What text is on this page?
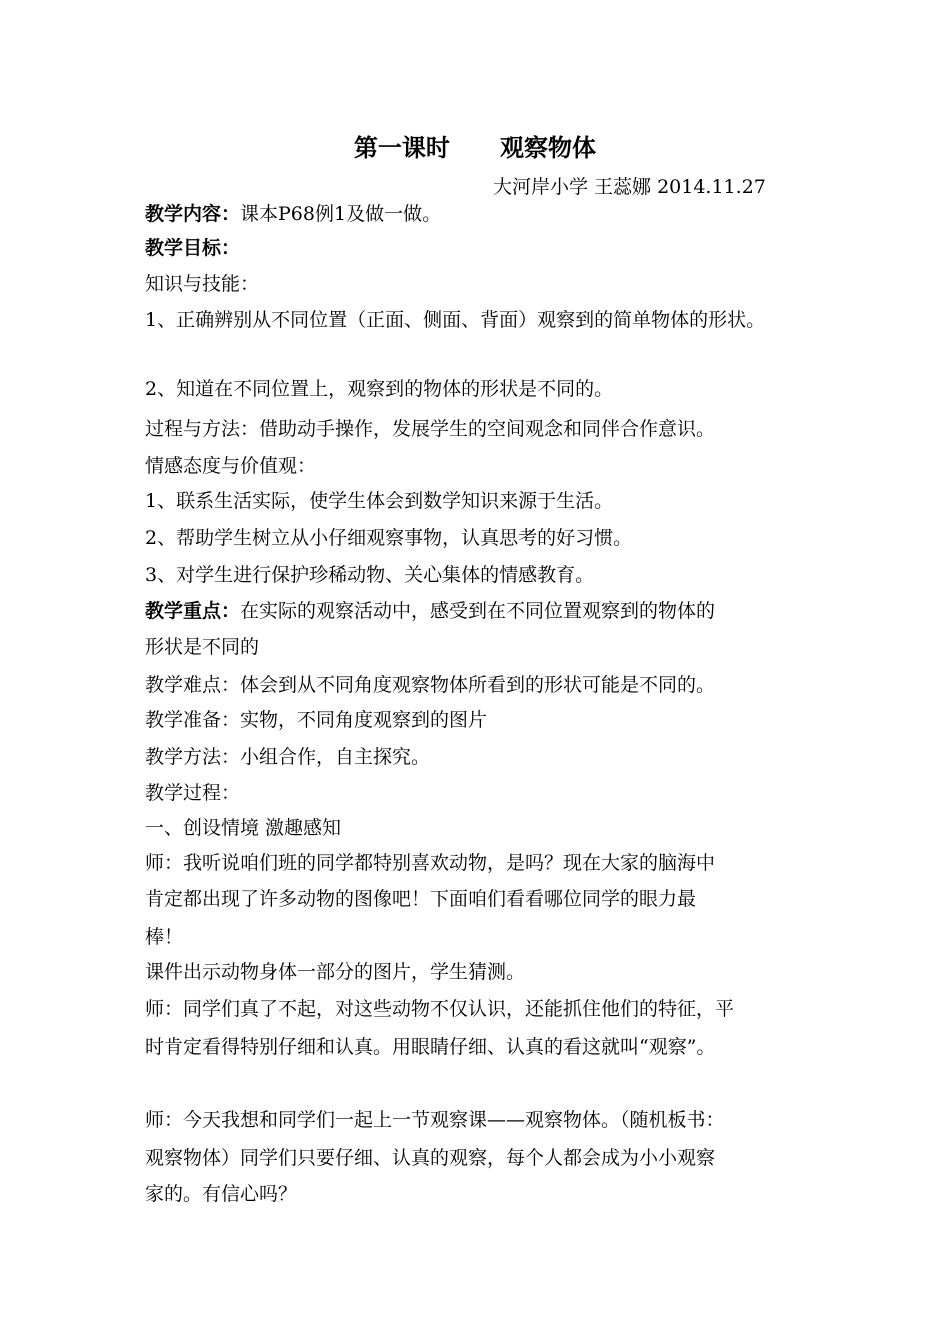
第一课时      观察物体
大河岸小学 王蕊娜 2014.11.27
教学内容：课本P68例1及做一做。
教学目标：
知识与技能：
1、正确辨别从不同位置（正面、侧面、背面）观察到的简单物体的形状。
2、知道在不同位置上，观察到的物体的形状是不同的。
过程与方法：借助动手操作，发展学生的空间观念和同伴合作意识。
情感态度与价值观：
1、联系生活实际，使学生体会到数学知识来源于生活。
2、帮助学生树立从小仔细观察事物，认真思考的好习惯。
3、对学生进行保护珍稀动物、关心集体的情感教育。
教学重点：在实际的观察活动中，感受到在不同位置观察到的物体的
形状是不同的
教学难点：体会到从不同角度观察物体所看到的形状可能是不同的。
教学准备：实物，不同角度观察到的图片
教学方法：小组合作，自主探究。
教学过程：
一、创设情境 激趣感知
师：我听说咱们班的同学都特别喜欢动物，是吗？现在大家的脑海中
肯定都出现了许多动物的图像吧！下面咱们看看哪位同学的眼力最
棒！
课件出示动物身体一部分的图片，学生猜测。
师：同学们真了不起，对这些动物不仅认识，还能抓住他们的特征，平
时肯定看得特别仔细和认真。用眼睛仔细、认真的看这就叫“观察”。
师：今天我想和同学们一起上一节观察课——观察物体。（随机板书：
观察物体）同学们只要仔细、认真的观察，每个人都会成为小小观察
家的。有信心吗？
